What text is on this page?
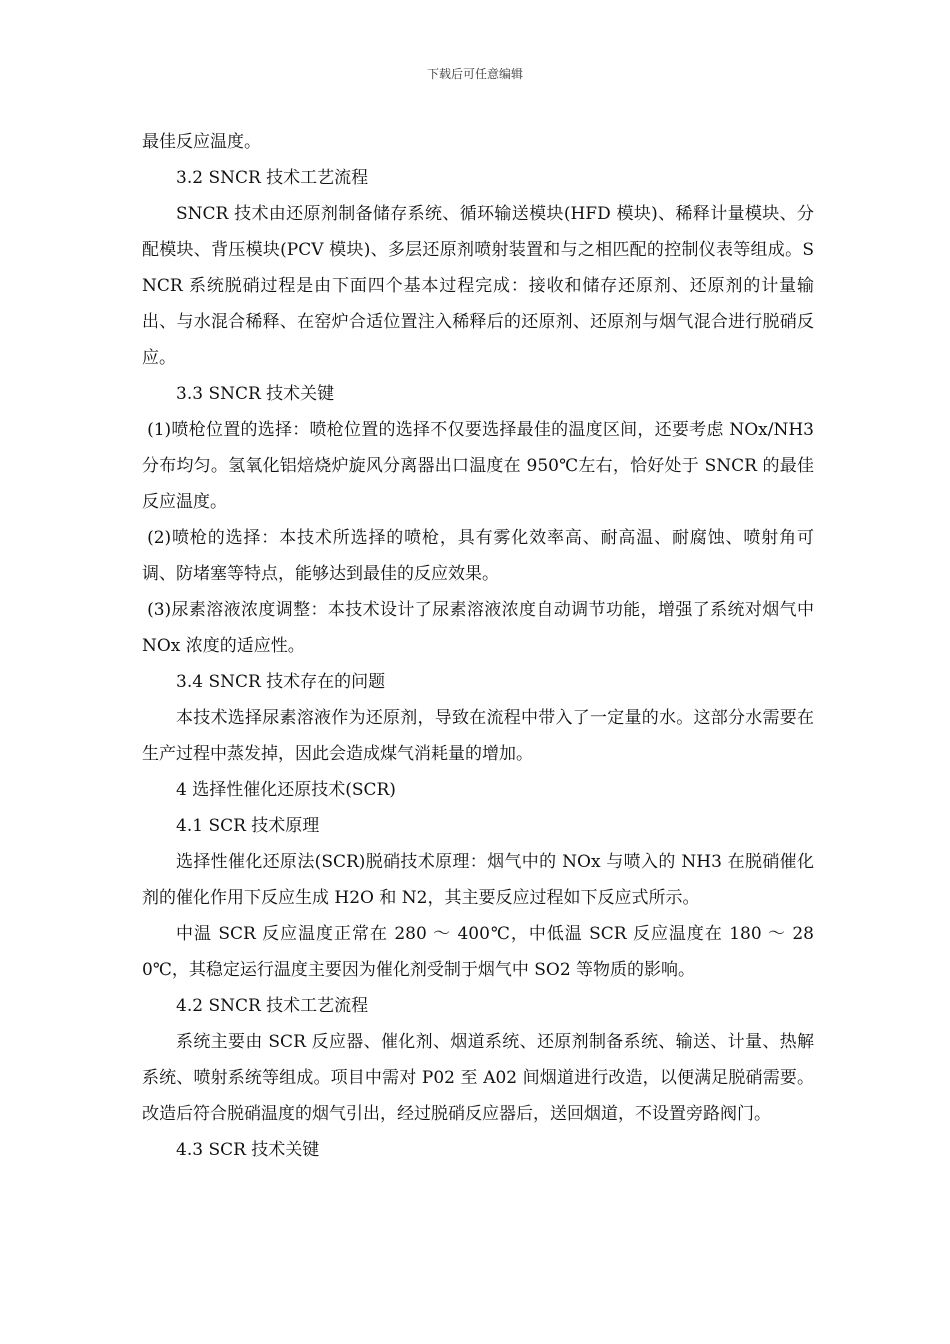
下载后可任意编辑

最佳反应温度。

3.2 SNCR 技术工艺流程

SNCR 技术由还原剂制备储存系统、循环输送模块(HFD 模块)、稀释计量模块、分配模块、背压模块(PCV 模块)、多层还原剂喷射装置和与之相匹配的控制仪表等组成。SNCR 系统脱硝过程是由下面四个基本过程完成：接收和储存还原剂、还原剂的计量输出、与水混合稀释、在窑炉合适位置注入稀释后的还原剂、还原剂与烟气混合进行脱硝反应。

3.3 SNCR 技术关键

(1)喷枪位置的选择：喷枪位置的选择不仅要选择最佳的温度区间，还要考虑 NOx/NH3 分布均匀。氢氧化铝焙烧炉旋风分离器出口温度在 950℃左右，恰好处于 SNCR 的最佳反应温度。

(2)喷枪的选择：本技术所选择的喷枪，具有雾化效率高、耐高温、耐腐蚀、喷射角可调、防堵塞等特点，能够达到最佳的反应效果。

(3)尿素溶液浓度调整：本技术设计了尿素溶液浓度自动调节功能，增强了系统对烟气中 NOx 浓度的适应性。

3.4 SNCR 技术存在的问题

本技术选择尿素溶液作为还原剂，导致在流程中带入了一定量的水。这部分水需要在生产过程中蒸发掉，因此会造成煤气消耗量的增加。

4 选择性催化还原技术(SCR)

4.1 SCR 技术原理

选择性催化还原法(SCR)脱硝技术原理：烟气中的 NOx 与喷入的 NH3 在脱硝催化剂的催化作用下反应生成 H2O 和 N2，其主要反应过程如下反应式所示。

中温 SCR 反应温度正常在 280 ～ 400℃，中低温 SCR 反应温度在 180 ～ 280℃，其稳定运行温度主要因为催化剂受制于烟气中 SO2 等物质的影响。

4.2 SNCR 技术工艺流程

系统主要由 SCR 反应器、催化剂、烟道系统、还原剂制备系统、输送、计量、热解系统、喷射系统等组成。项目中需对 P02 至 A02 间烟道进行改造，以便满足脱硝需要。改造后符合脱硝温度的烟气引出，经过脱硝反应器后，送回烟道，不设置旁路阀门。

4.3 SCR 技术关键
